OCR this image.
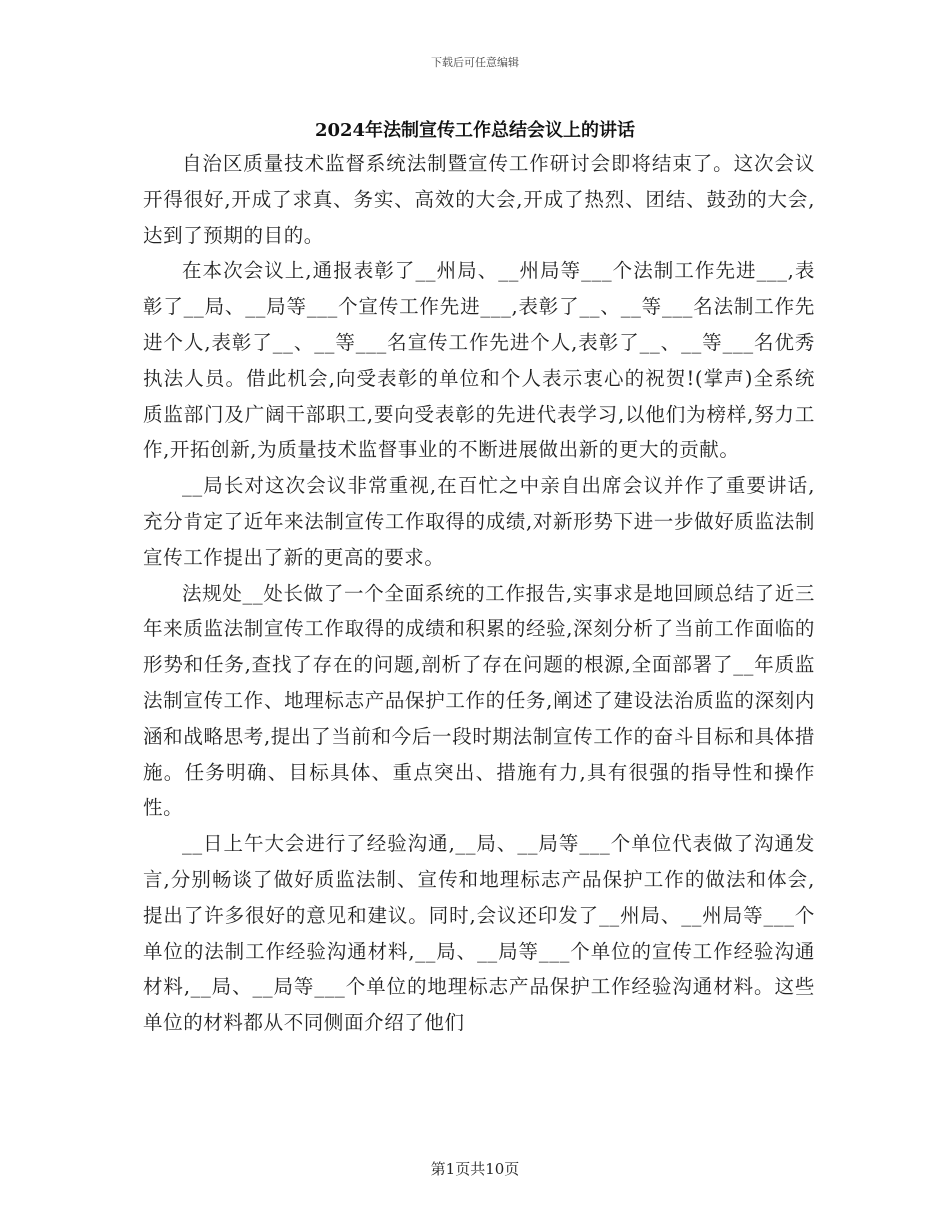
下载后可任意编辑
2024年法制宣传工作总结会议上的讲话

自治区质量技术监督系统法制暨宣传工作研讨会即将结束了。这次会议开得很好,开成了求真、务实、高效的大会,开成了热烈、团结、鼓劲的大会,达到了预期的目的。

在本次会议上,通报表彰了__州局、__州局等___个法制工作先进___,表彰了__局、__局等___个宣传工作先进___,表彰了__、__等___名法制工作先进个人,表彰了__、__等___名宣传工作先进个人,表彰了__、__等___名优秀执法人员。借此机会,向受表彰的单位和个人表示衷心的祝贺!(掌声)全系统质监部门及广阔干部职工,要向受表彰的先进代表学习,以他们为榜样,努力工作,开拓创新,为质量技术监督事业的不断进展做出新的更大的贡献。

__局长对这次会议非常重视,在百忙之中亲自出席会议并作了重要讲话,充分肯定了近年来法制宣传工作取得的成绩,对新形势下进一步做好质监法制宣传工作提出了新的更高的要求。

法规处__处长做了一个全面系统的工作报告,实事求是地回顾总结了近三年来质监法制宣传工作取得的成绩和积累的经验,深刻分析了当前工作面临的形势和任务,查找了存在的问题,剖析了存在问题的根源,全面部署了__年质监法制宣传工作、地理标志产品保护工作的任务,阐述了建设法治质监的深刻内涵和战略思考,提出了当前和今后一段时期法制宣传工作的奋斗目标和具体措施。任务明确、目标具体、重点突出、措施有力,具有很强的指导性和操作性。

__日上午大会进行了经验沟通,__局、__局等___个单位代表做了沟通发言,分别畅谈了做好质监法制、宣传和地理标志产品保护工作的做法和体会,提出了许多很好的意见和建议。同时,会议还印发了__州局、__州局等___个单位的法制工作经验沟通材料,__局、__局等___个单位的宣传工作经验沟通材料,__局、__局等___个单位的地理标志产品保护工作经验沟通材料。这些单位的材料都从不同侧面介绍了他们

第1页共10页
